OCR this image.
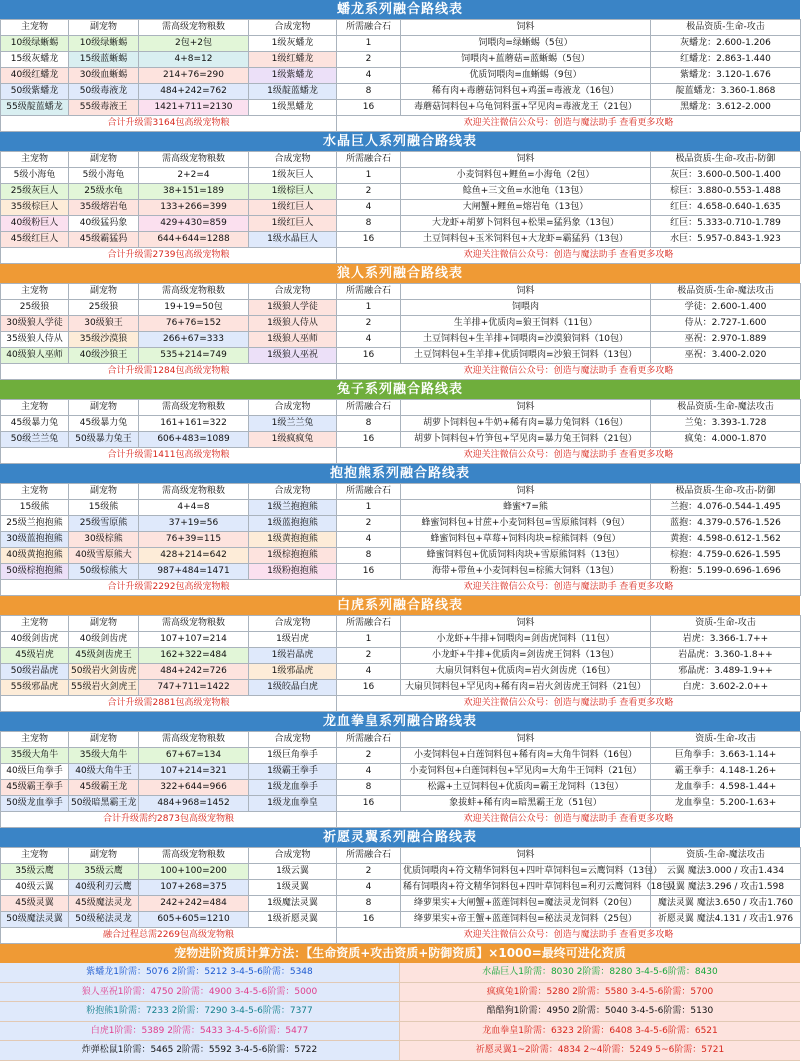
蟠龙系列融合路线表
主宠物	副宠物	需高级宠物粮数	合成宠物	所需融合石	饲料	极品资质-生命-攻击
10级绿蜥蜴	10级绿蜥蜴	2包+2包	1级灰蟠龙	1	饲喂肉=绿蜥蜴（5包）	灰蟠龙：2.600-1.206
15级灰蟠龙	15级蓝蜥蜴	4+8=12	1级红蟠龙	2	饲喂肉+蓝蘑菇=蓝蜥蜴（5包）	红蟠龙：2.863-1.440
40级红蟠龙	30级血蜥蜴	214+76=290	1级紫蟠龙	4	优质饲喂肉=血蜥蜴（9包）	紫蟠龙：3.120-1.676
50级紫蟠龙	50级毒液龙	484+242=762	1级靛蓝蟠龙	8	稀有肉+毒蘑菇饲料包+鸡蛋=毒液龙（16包）	靛蓝蟠龙：3.360-1.868
55级靛蓝蟠龙	55级毒液王	1421+711=2130	1级黑蟠龙	16	毒蘑菇饲料包+乌龟饲料蛋+罕见肉=毒液龙王（21包）	黑蟠龙：3.612-2.000
合计升级需3164包高级宠物粮				欢迎关注微信公众号：创造与魔法助手 查看更多攻略		
水晶巨人系列融合路线表
主宠物	副宠物	需高级宠物粮数	合成宠物	所需融合石	饲料	极品资质-生命-攻击-防御
5级小海龟	5级小海龟	2+2=4	1级灰巨人	1	小麦饲料包+鲤鱼=小海龟（2包）	灰巨：3.600-0.500-1.400
25级灰巨人	25级水龟	38+151=189	1级棕巨人	2	鲶鱼+三文鱼=水池龟（13包）	棕巨：3.880-0.553-1.488
35级棕巨人	35级熔岩龟	133+266=399	1级红巨人	4	大闸蟹+鲤鱼=熔岩龟（13包）	红巨：4.658-0.640-1.635
40级粉巨人	40级猛犸象	429+430=859	1级红巨人	8	大龙虾+胡萝卜饲料包+松果=猛犸象（13包）	红巨：5.333-0.710-1.789
45级红巨人	45级霸猛犸	644+644=1288	1级水晶巨人	16	土豆饲料包+玉米饲料包+大龙虾=霸猛犸（13包）	水巨：5.957-0.843-1.923
合计升级需2739包高级宠物粮				欢迎关注微信公众号：创造与魔法助手 查看更多攻略		
狼人系列融合路线表
主宠物	副宠物	需高级宠物粮数	合成宠物	所需融合石	饲料	极品资质-生命-魔法攻击
25级狼	25级狼	19+19=50包	1级狼人学徒	1	饲喂肉	学徒：2.600-1.400
30级狼人学徒	30级狼王	76+76=152	1级狼人侍从	2	生羊排+优质肉=狼王饲料（11包）	侍从：2.727-1.600
35级狼人侍从	35级沙漠狼	266+67=333	1级狼人巫师	4	土豆饲料包+生羊排+饲喂肉=沙漠狼饲料（10包）	巫祝：2.970-1.889
40级狼人巫师	40级沙狼王	535+214=749	1级狼人巫祝	16	土豆饲料包+生羊排+优质饲喂肉=沙狼王饲料（13包）	巫祝：3.400-2.020
合计升级需1284包高级宠物粮				欢迎关注微信公众号：创造与魔法助手 查看更多攻略		
兔子系列融合路线表
主宠物	副宠物	需高级宠物粮数	合成宠物	所需融合石	饲料	极品资质-生命-魔法攻击
45级暴力兔	45级暴力兔	161+161=322	1级兰兰兔	8	胡萝卜饲料包+牛奶+稀有肉=暴力兔饲料（16包）	兰兔：3.393-1.728
50级兰兰兔	50级暴力兔王	606+483=1089	1级疯疯兔	16	胡萝卜饲料包+竹笋包+罕见肉=暴力兔王饲料（21包）	疯兔：4.000-1.870
合计升级需1411包高级宠物粮				欢迎关注微信公众号：创造与魔法助手 查看更多攻略		
抱抱熊系列融合路线表
主宠物	副宠物	需高级宠物粮数	合成宠物	所需融合石	饲料	极品资质-生命-攻击-防御
15级熊	15级熊	4+4=8	1级兰抱抱熊	1	蜂蜜*7=熊	兰抱：4.076-0.544-1.495
25级兰抱抱熊	25级雪原熊	37+19=56	1级蓝抱抱熊	2	蜂蜜饲料包+甘蔗+小麦饲料包=雪原熊饲料（9包）	蓝抱：4.379-0.576-1.526
30级蓝抱抱熊	30级棕熊	76+39=115	1级黄抱抱熊	4	蜂蜜饲料包+草莓+饲料肉块=棕熊饲料（9包）	黄抱：4.598-0.612-1.562
40级黄抱抱熊	40级雪原熊大	428+214=642	1级棕抱抱熊	8	蜂蜜饲料包+优质饲料肉块+雪原熊饲料（13包）	棕抱：4.759-0.626-1.595
50级棕抱抱熊	50级棕熊大	987+484=1471	1级粉抱抱熊	16	海带+带鱼+小麦饲料包=棕熊大饲料（13包）	粉抱：5.199-0.696-1.696
合计升级需2292包高级宠物粮				欢迎关注微信公众号：创造与魔法助手 查看更多攻略		
白虎系列融合路线表
主宠物	副宠物	需高级宠物粮数	合成宠物	所需融合石	饲料	资质-生命-攻击
40级剑齿虎	40级剑齿虎	107+107=214	1级岩虎	1	小龙虾+牛排+饲喂肉=剑齿虎饲料（11包）	岩虎：3.366-1.7++
45级岩虎	45级剑齿虎王	162+322=484	1级岩晶虎	2	小龙虾+牛排+优质肉=剑齿虎王饲料（13包）	岩晶虎：3.360-1.8++
50级岩晶虎	50级岩火剑齿虎	484+242=726	1级邪晶虎	4	大扇贝饲料包+优质肉=岩火剑齿虎（16包）	邪晶虎：3.489-1.9++
55级邪晶虎	55级岩火剑虎王	747+711=1422	1级皎晶白虎	16	大扇贝饲料包+罕见肉+稀有肉=岩火剑齿虎王饲料（21包）	白虎：3.602-2.0++
合计升级需2881包高级宠物粮				欢迎关注微信公众号：创造与魔法助手 查看更多攻略		
龙血拳皇系列融合路线表
主宠物	副宠物	需高级宠物粮数	合成宠物	所需融合石	饲料	资质-生命-攻击
35级大角牛	35级大角牛	67+67=134	1级巨角拳手	2	小麦饲料包+白莲饲料包+稀有肉=大角牛饲料（16包）	巨角拳手：3.663-1.14+
40级巨角拳手	40级大角牛王	107+214=321	1级霸王拳手	4	小麦饲料包+白莲饲料包+罕见肉=大角牛王饲料（21包）	霸王拳手：4.148-1.26+
45级霸王拳手	45级霸王龙	322+644=966	1级龙血拳手	8	松露+土豆饲料包+优质肉=霸王龙饲料（13包）	龙血拳手：4.598-1.44+
50级龙血拳手	50级暗黑霸王龙	484+968=1452	1级龙血拳皇	16	象拔蚌+稀有肉=暗黑霸王龙（51包）	龙血拳皇：5.200-1.63+
合计升级需约2873包高级宠物粮				欢迎关注微信公众号：创造与魔法助手 查看更多攻略		
祈愿灵翼系列融合路线表
主宠物	副宠物	需高级宠物粮数	合成宠物	所需融合石	饲料	资质-生命-魔法攻击
35级云鹰	35级云鹰	100+100=200	1级云翼	2	优质饲喂肉+符文精华饲料包+四叶草饲料包=云鹰饲料（13包）	云翼 魔法3.000 / 攻击1.434
40级云翼	40级利刃云鹰	107+268=375	1级灵翼	4	稀有饲喂肉+符文精华饲料包+四叶草饲料包=利刃云鹰饲料（18包）	灵翼 魔法3.296 / 攻击1.598
45级灵翼	45级魔法灵龙	242+242=484	1级魔法灵翼	8	绛萝果实+大闸蟹+蓝莲饲料包=魔法灵龙饲料（20包）	魔法灵翼 魔法3.650 / 攻击1.760
50级魔法灵翼	50级秘法灵龙	605+605=1210	1级祈愿灵翼	16	绛萝果实+帝王蟹+蓝莲饲料包=秘法灵龙饲料（25包）	祈愿灵翼 魔法4.131 / 攻击1.976
融合过程总需2269包高级宠物粮				欢迎关注微信公众号：创造与魔法助手 查看更多攻略		
宠物进阶资质计算方法：【生命资质+攻击资质+防御资质】×1000=最终可进化资质
紫蟠龙1阶需：5076 2阶需：5212 3-4-5-6阶需：5348
狼人巫祝1阶需：4750 2阶需：4900 3-4-5-6阶需：5000
粉抱熊1阶需：7233 2阶需：7290 3-4-5-6阶需：7377
白虎1阶需：5389 2阶需：5433 3-4-5-6阶需：5477
炸弹松鼠1阶需：5465 2阶需：5592 3-4-5-6阶需：5722
水晶巨人1阶需：8030 2阶需：8280 3-4-5-6阶需：8430
疯疯兔1阶需：5280 2阶需：5580 3-4-5-6阶需：5700
酷酷狗1阶需：4950 2阶需：5040 3-4-5-6阶需：5130
龙血拳皇1阶需：6323 2阶需：6408 3-4-5-6阶需：6521
祈愿灵翼1~2阶需：4834 2~4阶需：5249 5~6阶需：5721
